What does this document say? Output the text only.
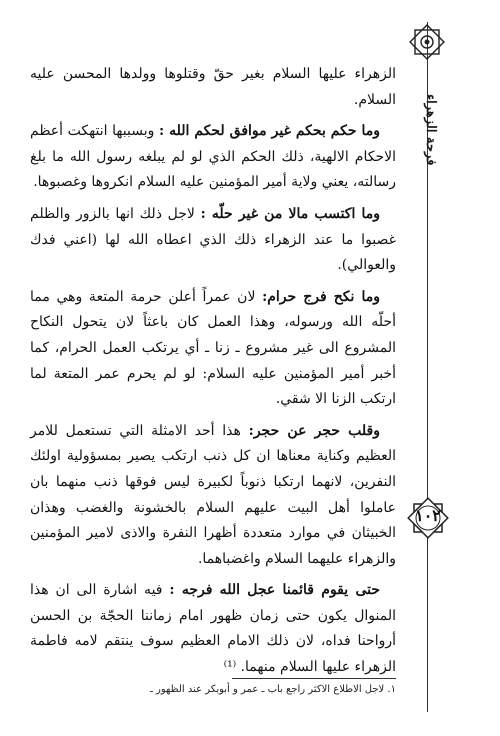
فرحة الزهراء
١٠٢

الزهراء عليها السلام بغير حقّ وقتلوها وولدها المحسن عليه السلام.

وما حكم بحكم غير موافق لحكم الله : وبسببها انتهكت أعظم الاحكام الالهية، ذلك الحكم الذي لو لم يبلغه رسول الله ما بلغ رسالته، يعني ولاية أمير المؤمنين عليه السلام انكروها وغصبوها.

وما اكتسب مالا من غير حلّه : لاجل ذلك انها بالزور والظلم غصبوا ما عند الزهراء ذلك الذي اعطاه الله لها (اعني فدك والعوالي).

وما نكح فرج حرام: لان عمراً أعلن حرمة المتعة وهي مما أحلّه الله ورسوله، وهذا العمل كان باعثاً لان يتحول النكاح المشروع الى غير مشروع ـ زنا ـ أي يرتكب العمل الحرام، كما أخبر أمير المؤمنين عليه السلام: لو لم يحرم عمر المتعة لما ارتكب الزنا الا شقي.

وقلب حجر عن حجر: هذا أحد الامثلة التي تستعمل للامر العظيم وكناية معناها ان كل ذنب ارتكب يصير بمسؤولية اولئك النفرين، لانهما ارتكبا ذنوباً لكبيرة ليس فوقها ذنب منهما بان عاملوا أهل البيت عليهم السلام بالخشونة والغضب وهذان الخبيثان في موارد متعددة أظهرا النفرة والاذى لامير المؤمنين والزهراء عليهما السلام واغضباهما.

حتى يقوم قائمنا عجل الله فرجه : فيه اشارة الى ان هذا المنوال يكون حتى زمان ظهور امام زماننا الحجّة بن الحسن أرواحنا فداه، لان ذلك الامام العظيم سوف ينتقم لامه فاطمة الزهراء عليها السلام منهما. ⁽¹⁾

١. لاجل الاطلاع الاكثر راجع باب ـ عمر و أبوبكر عند الظهور ـ
